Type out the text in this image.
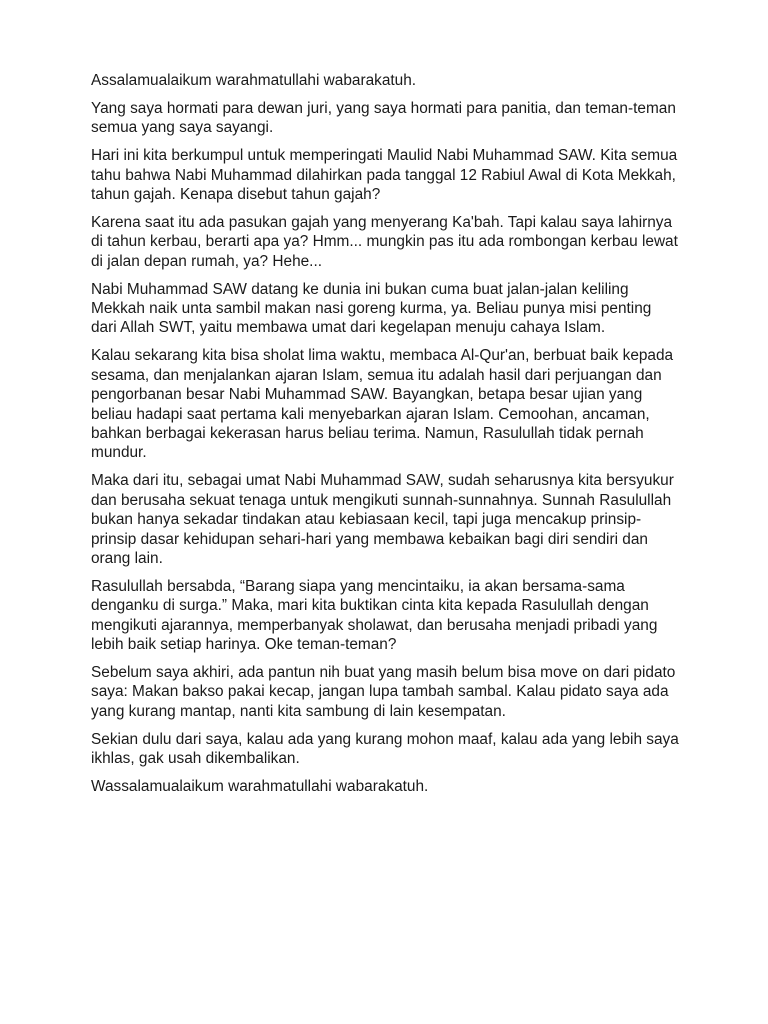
Assalamualaikum warahmatullahi wabarakatuh.

Yang saya hormati para dewan juri, yang saya hormati para panitia, dan teman-teman semua yang saya sayangi.

Hari ini kita berkumpul untuk memperingati Maulid Nabi Muhammad SAW. Kita semua tahu bahwa Nabi Muhammad dilahirkan pada tanggal 12 Rabiul Awal di Kota Mekkah, tahun gajah. Kenapa disebut tahun gajah?

Karena saat itu ada pasukan gajah yang menyerang Ka'bah. Tapi kalau saya lahirnya di tahun kerbau, berarti apa ya? Hmm... mungkin pas itu ada rombongan kerbau lewat di jalan depan rumah, ya? Hehe...

Nabi Muhammad SAW datang ke dunia ini bukan cuma buat jalan-jalan keliling Mekkah naik unta sambil makan nasi goreng kurma, ya. Beliau punya misi penting dari Allah SWT, yaitu membawa umat dari kegelapan menuju cahaya Islam.

Kalau sekarang kita bisa sholat lima waktu, membaca Al-Qur'an, berbuat baik kepada sesama, dan menjalankan ajaran Islam, semua itu adalah hasil dari perjuangan dan pengorbanan besar Nabi Muhammad SAW. Bayangkan, betapa besar ujian yang beliau hadapi saat pertama kali menyebarkan ajaran Islam. Cemoohan, ancaman, bahkan berbagai kekerasan harus beliau terima. Namun, Rasulullah tidak pernah mundur.

Maka dari itu, sebagai umat Nabi Muhammad SAW, sudah seharusnya kita bersyukur dan berusaha sekuat tenaga untuk mengikuti sunnah-sunnahnya. Sunnah Rasulullah bukan hanya sekadar tindakan atau kebiasaan kecil, tapi juga mencakup prinsip-prinsip dasar kehidupan sehari-hari yang membawa kebaikan bagi diri sendiri dan orang lain.

Rasulullah bersabda, “Barang siapa yang mencintaiku, ia akan bersama-sama denganku di surga.” Maka, mari kita buktikan cinta kita kepada Rasulullah dengan mengikuti ajarannya, memperbanyak sholawat, dan berusaha menjadi pribadi yang lebih baik setiap harinya. Oke teman-teman?

Sebelum saya akhiri, ada pantun nih buat yang masih belum bisa move on dari pidato saya: Makan bakso pakai kecap, jangan lupa tambah sambal. Kalau pidato saya ada yang kurang mantap, nanti kita sambung di lain kesempatan.

Sekian dulu dari saya, kalau ada yang kurang mohon maaf, kalau ada yang lebih saya ikhlas, gak usah dikembalikan.

Wassalamualaikum warahmatullahi wabarakatuh.
